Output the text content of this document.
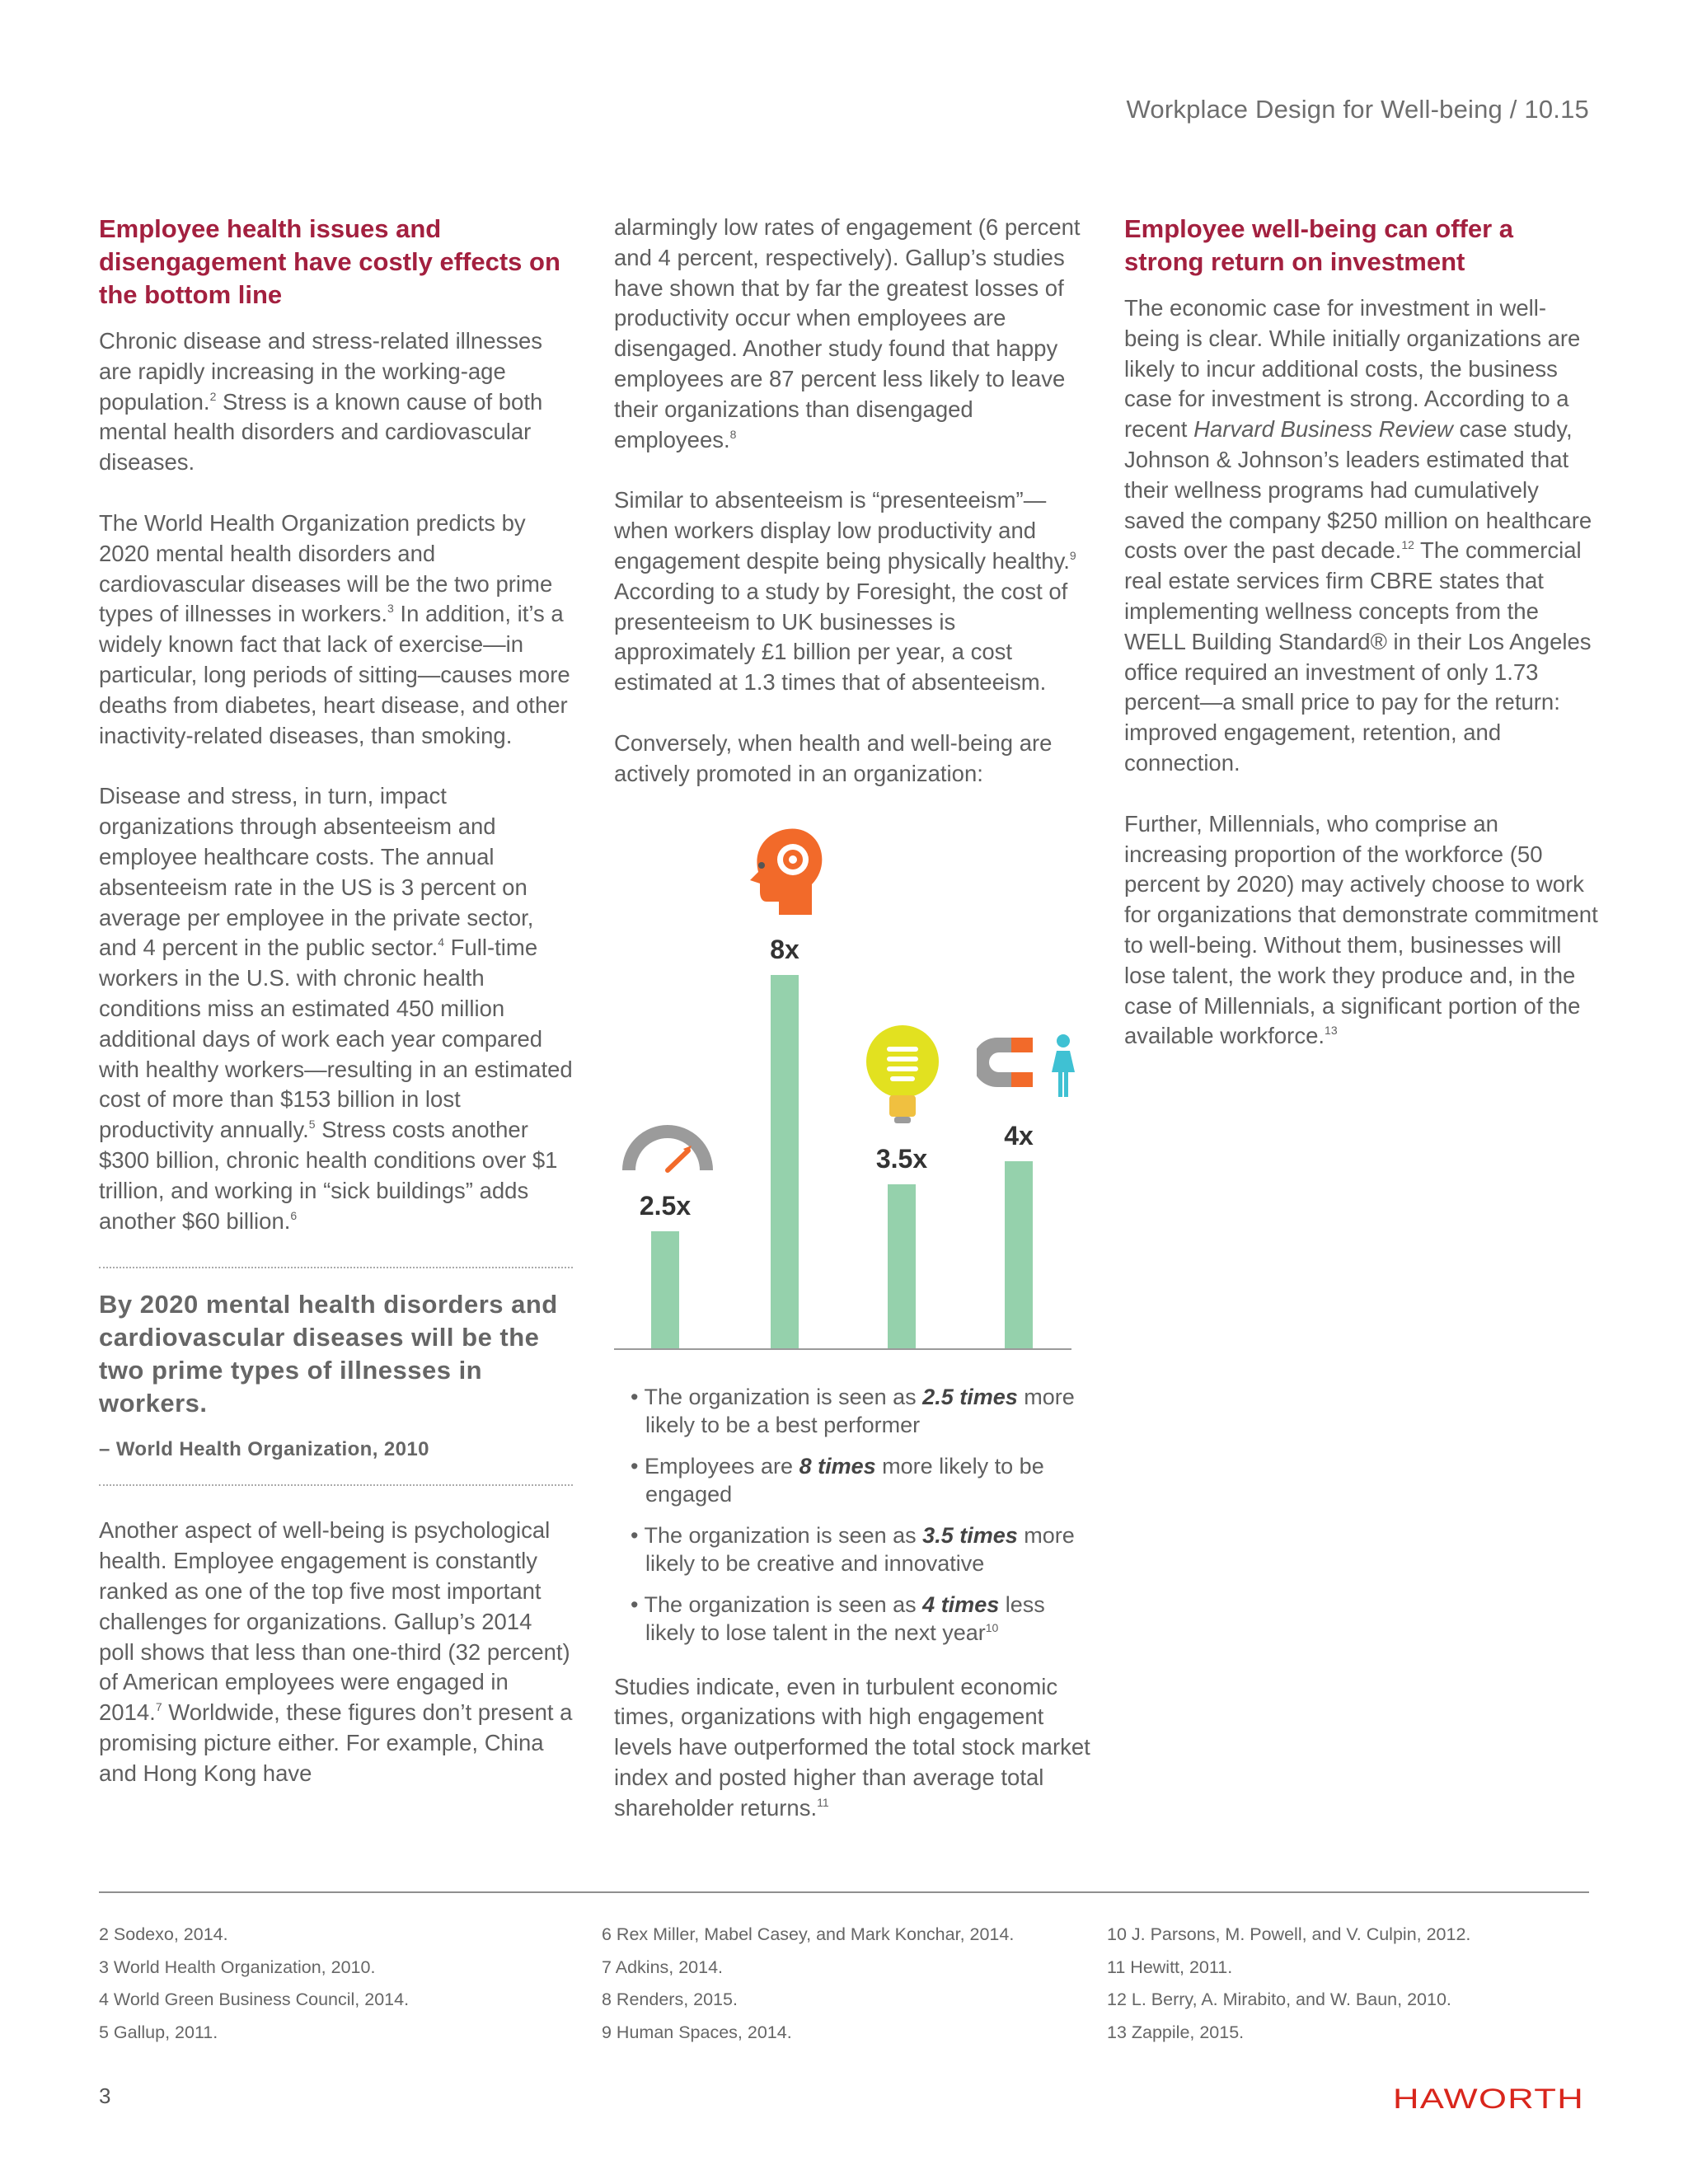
Workplace Design for Well-being / 10.15
Employee health issues and disengagement have costly effects on the bottom line

Chronic disease and stress-related illnesses are rapidly increasing in the working-age population.$^2$ Stress is a known cause of both mental health disorders and cardiovascular diseases.

The World Health Organization predicts by 2020 mental health disorders and cardiovascular diseases will be the two prime types of illnesses in workers.$^3$ In addition, it’s a widely known fact that lack of exercise—in particular, long periods of sitting—causes more deaths from diabetes, heart disease, and other inactivity-related diseases, than smoking.

Disease and stress, in turn, impact organizations through absenteeism and employee healthcare costs. The annual absenteeism rate in the US is 3 percent on average per employee in the private sector, and 4 percent in the public sector.$^4$ Full-time workers in the U.S. with chronic health conditions miss an estimated 450 million additional days of work each year compared with healthy workers—resulting in an estimated cost of more than $153 billion in lost productivity annually.$^5$ Stress costs another $300 billion, chronic health conditions over $1 trillion, and working in “sick buildings” adds another $60 billion.$^6$

By 2020 mental health disorders and cardiovascular diseases will be the two prime types of illnesses in workers.
– World Health Organization, 2010

Another aspect of well-being is psychological health. Employee engagement is constantly ranked as one of the top five most important challenges for organizations. Gallup’s 2014 poll shows that less than one-third (32 percent) of American employees were engaged in 2014.$^7$ Worldwide, these figures don’t present a promising picture either. For example, China and Hong Kong have

alarmingly low rates of engagement (6 percent and 4 percent, respectively). Gallup’s studies have shown that by far the greatest losses of productivity occur when employees are disengaged. Another study found that happy employees are 87 percent less likely to leave their organizations than disengaged employees.$^8$

Similar to absenteeism is “presenteeism”—when workers display low productivity and engagement despite being physically healthy.$^9$ According to a study by Foresight, the cost of presenteeism to UK businesses is approximately £1 billion per year, a cost estimated at 1.3 times that of absenteeism.

Conversely, when health and well-being are actively promoted in an organization:

2.5x
8x
3.5x
4x
• The organization is seen as 2.5 times more likely to be a best performer
• Employees are 8 times more likely to be engaged
• The organization is seen as 3.5 times more likely to be creative and innovative
• The organization is seen as 4 times less likely to lose talent in the next year$^{10}$

Studies indicate, even in turbulent economic times, organizations with high engagement levels have outperformed the total stock market index and posted higher than average total shareholder returns.$^{11}$

Employee well-being can offer a strong return on investment

The economic case for investment in well-being is clear. While initially organizations are likely to incur additional costs, the business case for investment is strong. According to a recent Harvard Business Review case study, Johnson & Johnson’s leaders estimated that their wellness programs had cumulatively saved the company $250 million on healthcare costs over the past decade.$^{12}$ The commercial real estate services firm CBRE states that implementing wellness concepts from the WELL Building Standard® in their Los Angeles office required an investment of only 1.73 percent—a small price to pay for the return: improved engagement, retention, and connection.

Further, Millennials, who comprise an increasing proportion of the workforce (50 percent by 2020) may actively choose to work for organizations that demonstrate commitment to well-being. Without them, businesses will lose talent, the work they produce and, in the case of Millennials, a significant portion of the available workforce.$^{13}$

2 Sodexo, 2014.
3 World Health Organization, 2010.
4 World Green Business Council, 2014.
5 Gallup, 2011.
6 Rex Miller, Mabel Casey, and Mark Konchar, 2014.
7 Adkins, 2014.
8 Renders, 2015.
9 Human Spaces, 2014.
10 J. Parsons, M. Powell, and V. Culpin, 2012.
11 Hewitt, 2011.
12 L. Berry, A. Mirabito, and W. Baun, 2010.
13 Zappile, 2015.
3	HAWORTH
